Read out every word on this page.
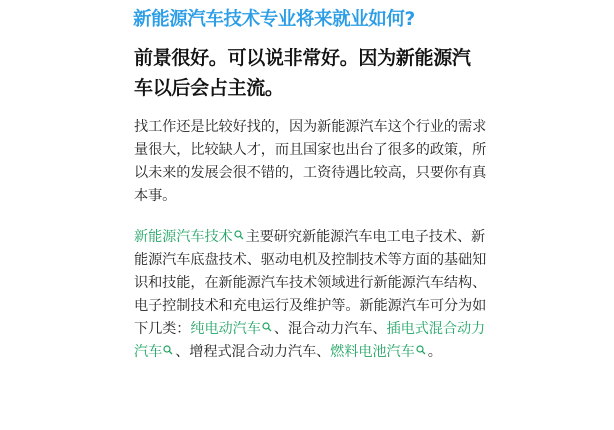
新能源汽车技术专业将来就业如何?
前景很好。可以说非常好。因为新能源汽车以后会占主流。

找工作还是比较好找的，因为新能源汽车这个行业的需求量很大，比较缺人才，而且国家也出台了很多的政策，所以未来的发展会很不错的，工资待遇比较高，只要你有真本事。

新能源汽车技术 主要研究新能源汽车电工电子技术、新能源汽车底盘技术、驱动电机及控制技术等方面的基础知识和技能，在新能源汽车技术领域进行新能源汽车结构、电子控制技术和充电运行及维护等。新能源汽车可分为如下几类：纯电动汽车 、混合动力汽车、插电式混合动力汽车 、增程式混合动力汽车、燃料电池汽车 。
